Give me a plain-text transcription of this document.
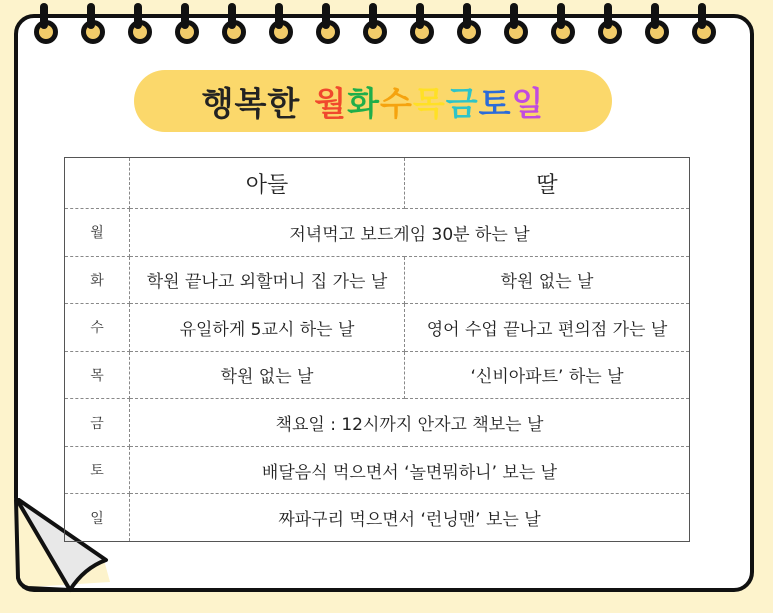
행복한 월 화 수 목 금 토 일
	아들	딸
월	저녁먹고 보드게임 30분 하는 날	
화	학원 끝나고 외할머니 집 가는 날	학원 없는 날
수	유일하게 5교시 하는 날	영어 수업 끝나고 편의점 가는 날
목	학원 없는 날	‘신비아파트’ 하는 날
금	책요일 : 12시까지 안자고 책보는 날	
토	배달음식 먹으면서 ‘놀면뭐하니’ 보는 날	
일	짜파구리 먹으면서 ‘런닝맨’ 보는 날	
